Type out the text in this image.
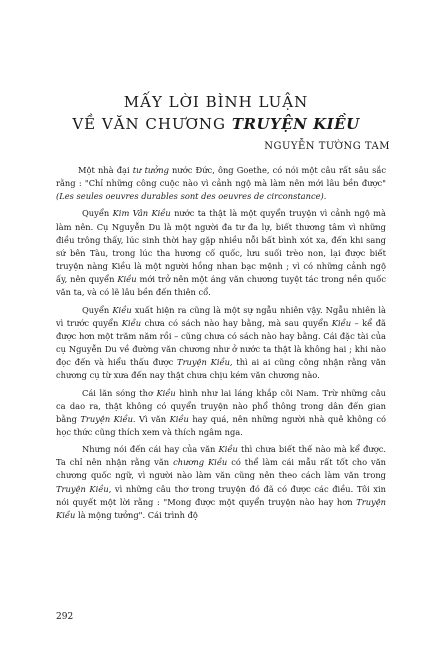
MẤY LỜI BÌNH LUẬN
VỀ VĂN CHƯƠNG TRUYỆN KIỀU
NGUYỄN TƯỜNG TAM

Một nhà đại tư tưởng nước Đức, ông Goethe, có nói một câu rất sâu sắc rằng : "Chỉ những công cuộc nào vì cảnh ngộ mà làm nên mới lâu bền được" (Les seules oeuvres durables sont des oeuvres de circonstance).

Quyển Kim Vân Kiều nước ta thật là một quyển truyện vì cảnh ngộ mà làm nên. Cụ Nguyễn Du là một người đa tư đa lự, biết thương tâm vì những điều trông thấy, lúc sinh thời hay gặp nhiều nỗi bất bình xót xa, đến khi sang sứ bên Tàu, trong lúc tha hương cố quốc, lưu suối trèo non, lại được biết truyện nàng Kiều là một người hồng nhan bạc mệnh ; vì có những cảnh ngộ ấy, nên quyển Kiều mới trở nên một áng văn chương tuyệt tác trong nền quốc văn ta, và có lẽ lâu bền đến thiên cổ.

Quyển Kiều xuất hiện ra cũng là một sự ngẫu nhiên vậy. Ngẫu nhiên là vì trước quyển Kiều chưa có sách nào hay bằng, mà sau quyển Kiều – kể đã được hơn một trăm năm rồi – cũng chưa có sách nào hay bằng. Cái đặc tài của cụ Nguyễn Du về đường văn chương như ở nước ta thật là không hai ; khi nào đọc đến và hiểu thấu được Truyện Kiều, thì ai ai cũng công nhận rằng văn chương cụ từ xưa đến nay thật chưa chịu kém văn chương nào.

Cái lăn sóng thơ Kiều hình như lai láng khắp cõi Nam. Trừ những câu ca dao ra, thật không có quyển truyện nào phổ thông trong dân đến gian bằng Truyện Kiều. Vì văn Kiều hay quá, nên những người nhà quê không có học thức cũng thích xem và thích ngâm nga.

Nhưng nói đến cái hay của văn Kiều thì chưa biết thế nào mà kể được. Ta chỉ nên nhận rằng văn chương Kiều có thể làm cái mẫu rất tốt cho văn chương quốc ngữ, vì người nào làm văn cũng nên theo cách làm văn trong Truyện Kiều, vì những câu thơ trong truyện đó đã có được các điều. Tôi xin nói quyết một lời rằng : "Mong được một quyển truyện nào hay hơn Truyện Kiều là mộng tưởng". Cái trình độ

292
